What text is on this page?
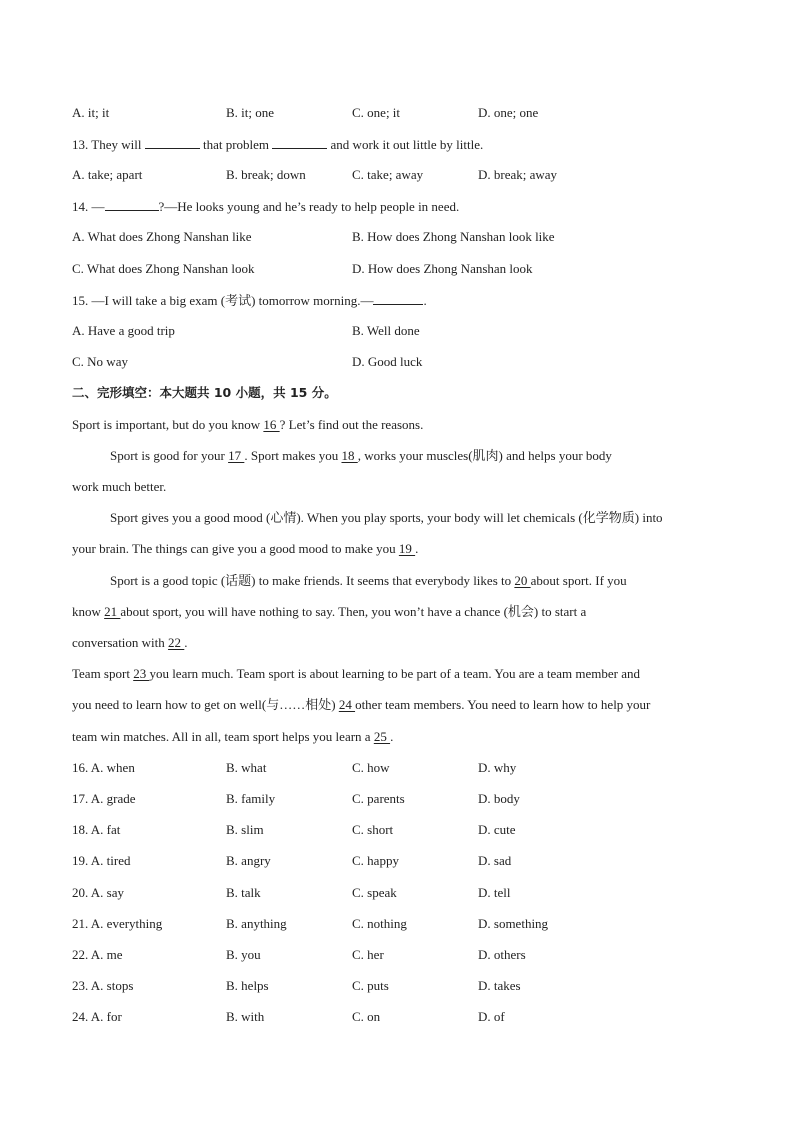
A. it; it	B. it; one	C. one; it	D. one; one
13. They will	that problem	and work it out little by little.
A. take; apart	B. break; down	C. take; away	D. break; away
14. —	?—He looks young and he’s ready to help people in need.
A. What does Zhong Nanshan like	B. How does Zhong Nanshan look like
C. What does Zhong Nanshan look	D. How does Zhong Nanshan look
15. —I will take a big exam (考试) tomorrow morning.—	.
A. Have a good trip	B. Well done
C. No way	D. Good luck
二、完形填空：本大题共 10 小题，共 15 分。
Sport is important, but do you know 16 ? Let’s find out the reasons.
Sport is good for your 17 . Sport makes you 18 , works your muscles(肌肉) and helps your body
work much better.
Sport gives you a good mood (心情). When you play sports, your body will let chemicals (化学物质) into
your brain. The things can give you a good mood to make you 19 .
Sport is a good topic (话题) to make friends. It seems that everybody likes to 20 about sport. If you
know 21 about sport, you will have nothing to say. Then, you won’t have a chance (机会) to start a
conversation with 22 .
Team sport 23 you learn much. Team sport is about learning to be part of a team. You are a team member and
you need to learn how to get on well(与……相处) 24 other team members. You need to learn how to help your
team win matches. All in all, team sport helps you learn a 25 .
16. A. when	B. what	C. how	D. why
17. A. grade	B. family	C. parents	D. body
18. A. fat	B. slim	C. short	D. cute
19. A. tired	B. angry	C. happy	D. sad
20. A. say	B. talk	C. speak	D. tell
21. A. everything	B. anything	C. nothing	D. something
22. A. me	B. you	C. her	D. others
23. A. stops	B. helps	C. puts	D. takes
24. A. for	B. with	C. on	D. of
